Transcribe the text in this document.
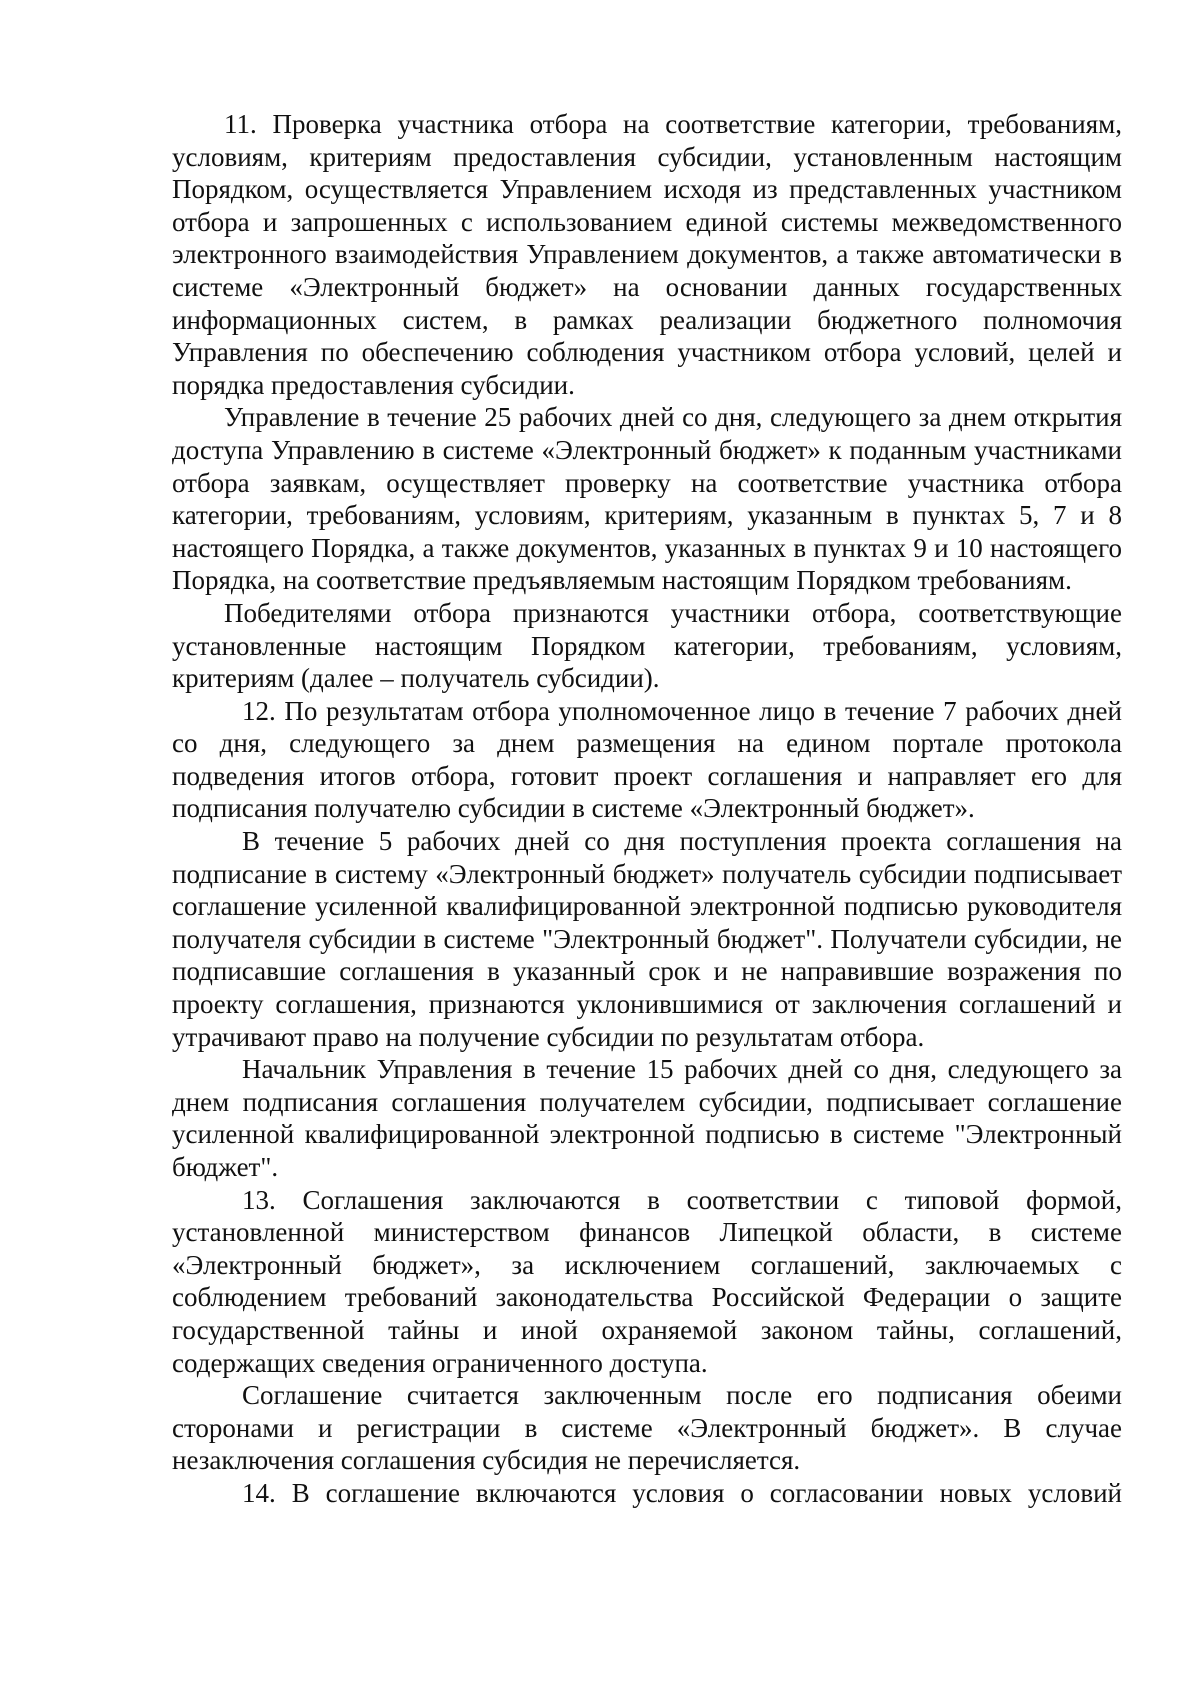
11. Проверка участника отбора на соответствие категории, требованиям, условиям, критериям предоставления субсидии, установленным настоящим Порядком, осуществляется Управлением исходя из представленных участником отбора и запрошенных с использованием единой системы межведомственного электронного взаимодействия Управлением документов, а также автоматически в системе «Электронный бюджет» на основании данных государственных информационных систем, в рамках реализации бюджетного полномочия Управления по обеспечению соблюдения участником отбора условий, целей и порядка предоставления субсидии.

Управление в течение 25 рабочих дней со дня, следующего за днем открытия доступа Управлению в системе «Электронный бюджет» к поданным участниками отбора заявкам, осуществляет проверку на соответствие участника отбора категории, требованиям, условиям, критериям, указанным в пунктах 5, 7 и 8 настоящего Порядка, а также документов, указанных в пунктах 9 и 10 настоящего Порядка, на соответствие предъявляемым настоящим Порядком требованиям.

Победителями отбора признаются участники отбора, соответствующие установленные настоящим Порядком категории, требованиям, условиям, критериям (далее – получатель субсидии).

12. По результатам отбора уполномоченное лицо в течение 7 рабочих дней со дня, следующего за днем размещения на едином портале протокола подведения итогов отбора, готовит проект соглашения и направляет его для подписания получателю субсидии в системе «Электронный бюджет».

В течение 5 рабочих дней со дня поступления проекта соглашения на подписание в систему «Электронный бюджет» получатель субсидии подписывает соглашение усиленной квалифицированной электронной подписью руководителя получателя субсидии в системе "Электронный бюджет". Получатели субсидии, не подписавшие соглашения в указанный срок и не направившие возражения по проекту соглашения, признаются уклонившимися от заключения соглашений и утрачивают право на получение субсидии по результатам отбора.

Начальник Управления в течение 15 рабочих дней со дня, следующего за днем подписания соглашения получателем субсидии, подписывает соглашение усиленной квалифицированной электронной подписью в системе "Электронный бюджет".

13. Соглашения заключаются в соответствии с типовой формой, установленной министерством финансов Липецкой области, в системе «Электронный бюджет», за исключением соглашений, заключаемых с соблюдением требований законодательства Российской Федерации о защите государственной тайны и иной охраняемой законом тайны, соглашений, содержащих сведения ограниченного доступа.

Соглашение считается заключенным после его подписания обеими сторонами и регистрации в системе «Электронный бюджет». В случае незаключения соглашения субсидия не перечисляется.

14. В соглашение включаются условия о согласовании новых условий
